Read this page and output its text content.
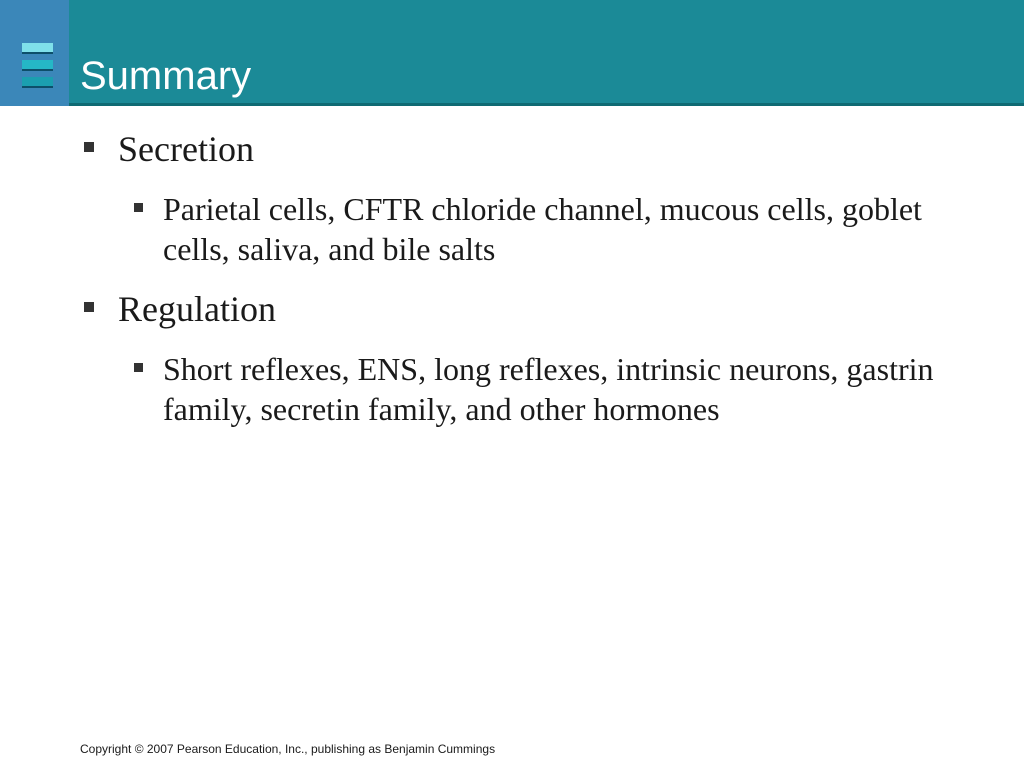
Summary
Secretion
Parietal cells, CFTR chloride channel, mucous cells, goblet cells, saliva, and bile salts
Regulation
Short reflexes, ENS, long reflexes, intrinsic neurons, gastrin family, secretin family, and other hormones
Copyright © 2007 Pearson Education, Inc., publishing as Benjamin Cummings
